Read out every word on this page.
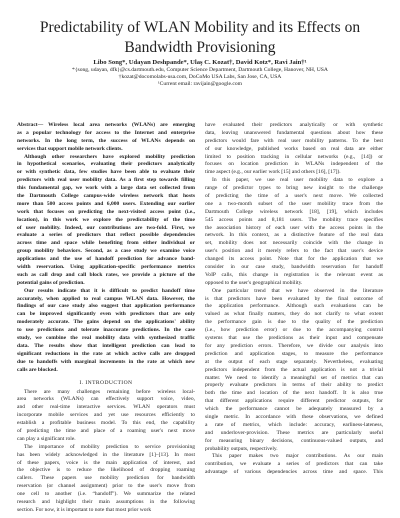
Predictability of WLAN Mobility and its Effects on
Bandwidth Provisioning
Libo Song*, Udayan Deshpande*, Ulaş C. Kozat†, David Kotz*, Ravi Jain†¹
*{song, udayan, dfk}@cs.dartmouth.edu, Computer Science Department, Dartmouth College, Hanover, NH, USA
†kozat@docomolabs-usa.com, DoCoMo USA Labs, San Jose, CA, USA
¹Current email: ravijain@google.com
Abstract— Wireless local area networks (WLANs) are emerging
as a popular technology for access to the Internet and enterprise
networks. In the long term, the success of WLANs depends on
services that support mobile network clients.
Although other researchers have explored mobility prediction
in hypothetical scenarios, evaluating their predictors analytically
or with synthetic data, few studies have been able to evaluate their
predictors with real user mobility data. As a first step towards filling
this fundamental gap, we work with a large data set collected from
the Dartmouth College campus-wide wireless network that hosts
more than 500 access points and 6,000 users. Extending our earlier
work that focuses on predicting the next-visited access point (i.e.,
location), in this work we explore the predictability of the time
of user mobility. Indeed, our contributions are two-fold. First, we
evaluate a series of predictors that reflect possible dependencies
across time and space while benefiting from either individual or
group mobility behaviors. Second, as a case study we examine voice
applications and the use of handoff prediction for advance band-
width reservation. Using application-specific performance metrics
such as call drop and call block rates, we provide a picture of the
potential gains of prediction.
Our results indicate that it is difficult to predict handoff time
accurately, when applied to real campus WLAN data. However, the
findings of our case study also suggest that application performance
can be improved significantly even with predictors that are only
moderately accurate. The gains depend on the applications' ability
to use predictions and tolerate inaccurate predictions. In the case
study, we combine the real mobility data with synthesized traffic
data. The results show that intelligent prediction can lead to
significant reductions in the rate at which active calls are dropped
due to handoffs with marginal increments in the rate at which new
calls are blocked.
I. INTRODUCTION
There are many challenges remaining before wireless local-
area networks (WLANs) can effectively support voice, video,
and other real-time interactive services. WLAN operators must
incorporate mobile services and yet use resources efficiently to
establish a profitable business model. To this end, the capability
of predicting the time and place of a roaming user's next move
can play a significant role.
The importance of mobility prediction to service provisioning
has been widely acknowledged in the literature [1]–[13]. In most
of these papers, voice is the main application of interest, and
the objective is to reduce the likelihood of dropping roaming
callers. These papers use mobility prediction for bandwidth
reservation (or channel assignment) prior to the user's move from
one cell to another (i.e. “handoff”). We summarize the related
research and highlight their main assumptions in the following
section. For now, it is important to note that most prior work
have evaluated their predictors analytically or with synthetic
data, leaving unanswered fundamental questions about how these
predictors would fare with real user mobility patterns. To the best
of our knowledge, published works based on real data are either
limited to position tracking in cellular networks (e.g., [14]) or
focuses on location prediction in WLANs independent of the
time aspect (e.g., our earlier work [15] and others [16], [17]).
In this paper, we use real user mobility data to explore a
range of predictor types to bring new insight to the challenge
of predicting the time of a user's next move. We collected
one a two-month subset of the user mobility trace from the
Dartmouth College wireless network [18], [19], which includes
545 access points and 8,181 users. The mobility trace specifies
the association history of each user with the access points in the
network. In this context, as a distinctive feature of the real data
set, mobility does not necessarily coincide with the change in
user's position and it merely refers to the fact that user's device
changed its access point. Note that for the application that we
consider in our case study, bandwidth reservation for handoff
VoIP calls, this change in registration is the relevant event as
opposed to the user's geographical mobility.
One particular trend that we have observed in the literature
is that predictors have been evaluated by the final outcome of
the application performance. Although such evaluations can be
valued as what finally matters, they do not clarify to what extent
the performance gain is due to the quality of the prediction
(i.e., how prediction error) or due to the accompanying control
systems that use the predictions as their input and compensate
for any prediction errors. Therefore, we divide our analysis into
prediction and application stages, to measure the performance
at the output of each stage separately. Nevertheless, evaluating
predictors independent from the actual application is not a trivial
matter. We need to identify a meaningful set of metrics that can
properly evaluate predictors in terms of their ability to predict
both the time and location of the next handoff. It is also true
that different applications require different predictor outputs, for
which the performance cannot be adequately measured by a
single metric. In accordance with these observations, we defined
a rate of metrics, which include: accuracy, earliness-lateness,
and underlover-provision. These metrics are particularly useful
for measuring binary decisions, continuous-valued outputs, and
probability outputs, respectively.
This paper makes two major contributions. As our main
contribution, we evaluate a series of predictors that can take
advantage of various dependencies across time and space. This
